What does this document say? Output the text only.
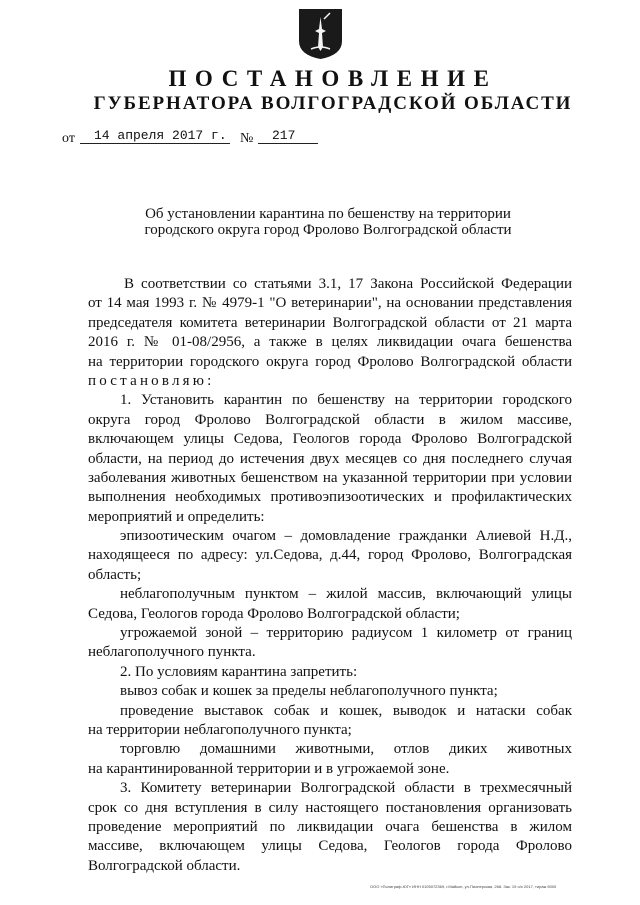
ПОСТАНОВЛЕНИЕ
ГУБЕРНАТОРА ВОЛГОГРАДСКОЙ ОБЛАСТИ
от	14 апреля 2017 г. №	217
Об установлении карантина по бешенству на территории
городского округа город Фролово Волгоградской области
В соответствии со статьями 3.1, 17 Закона Российской Федерации
от 14 мая 1993 г. № 4979-1 "О ветеринарии", на основании представления
председателя комитета ветеринарии Волгоградской области от 21 марта
2016 г. № 01-08/2956, а также в целях ликвидации очага бешенства
на территории городского округа город Фролово Волгоградской области
постановляю:
1. Установить карантин по бешенству на территории городского
округа город Фролово Волгоградской области в жилом массиве,
включающем улицы Седова, Геологов города Фролово Волгоградской
области, на период до истечения двух месяцев со дня последнего случая
заболевания животных бешенством на указанной территории при условии
выполнения необходимых противоэпизоотических и профилактических
мероприятий и определить:
эпизоотическим очагом – домовладение гражданки Алиевой Н.Д.,
находящееся по адресу: ул.Седова, д.44, город Фролово, Волгоградская
область;
неблагополучным пунктом – жилой массив, включающий улицы
Седова, Геологов города Фролово Волгоградской области;
угрожаемой зоной – территорию радиусом 1 километр от границ
неблагополучного пункта.
2. По условиям карантина запретить:
вывоз собак и кошек за пределы неблагополучного пункта;
проведение выставок собак и кошек, выводок и натаски собак
на территории неблагополучного пункта;
торговлю домашними животными, отлов диких животных
на карантинированной территории и в угрожаемой зоне.
3. Комитету ветеринарии Волгоградской области в трехмесячный
срок со дня вступления в силу настоящего постановления организовать
проведение мероприятий по ликвидации очага бешенства в жилом
массиве, включающем улицы Седова, Геологов города Фролово
Волгоградской области.
ООО «Полиграф-ЮГ» ИНН 0105072369, г.Майкоп, ул.Пионерская, 268. Зак. 19 о/с 2017, тираж 5000
